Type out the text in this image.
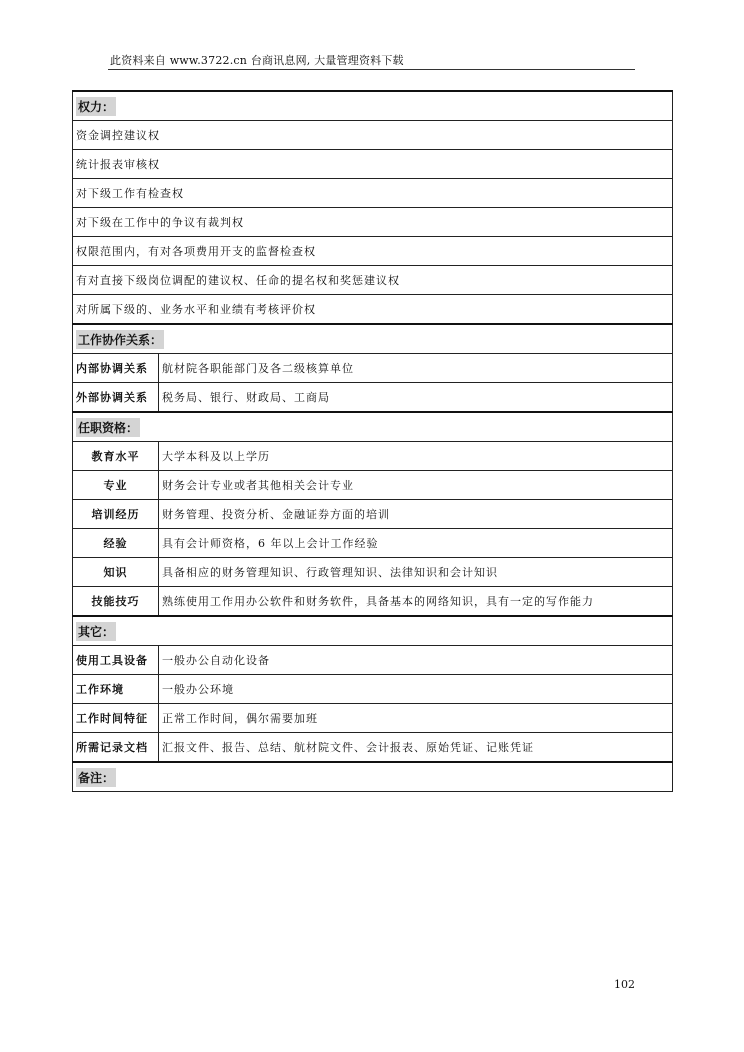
此资料来自 www.3722.cn 台商讯息网, 大量管理资料下载
权力：	
资金调控建议权	
统计报表审核权	
对下级工作有检查权	
对下级在工作中的争议有裁判权	
权限范围内，有对各项费用开支的监督检查权	
有对直接下级岗位调配的建议权、任命的提名权和奖惩建议权	
对所属下级的、业务水平和业绩有考核评价权	
工作协作关系：	
内部协调关系	航材院各职能部门及各二级核算单位
外部协调关系	税务局、银行、财政局、工商局
任职资格：	
教育水平	大学本科及以上学历
专业	财务会计专业或者其他相关会计专业
培训经历	财务管理、投资分析、金融证券方面的培训
经验	具有会计师资格，6 年以上会计工作经验
知识	具备相应的财务管理知识、行政管理知识、法律知识和会计知识
技能技巧	熟练使用工作用办公软件和财务软件，具备基本的网络知识，具有一定的写作能力
其它：	
使用工具设备	一般办公自动化设备
工作环境	一般办公环境
工作时间特征	正常工作时间，偶尔需要加班
所需记录文档	汇报文件、报告、总结、航材院文件、会计报表、原始凭证、记账凭证
备注：	
102
